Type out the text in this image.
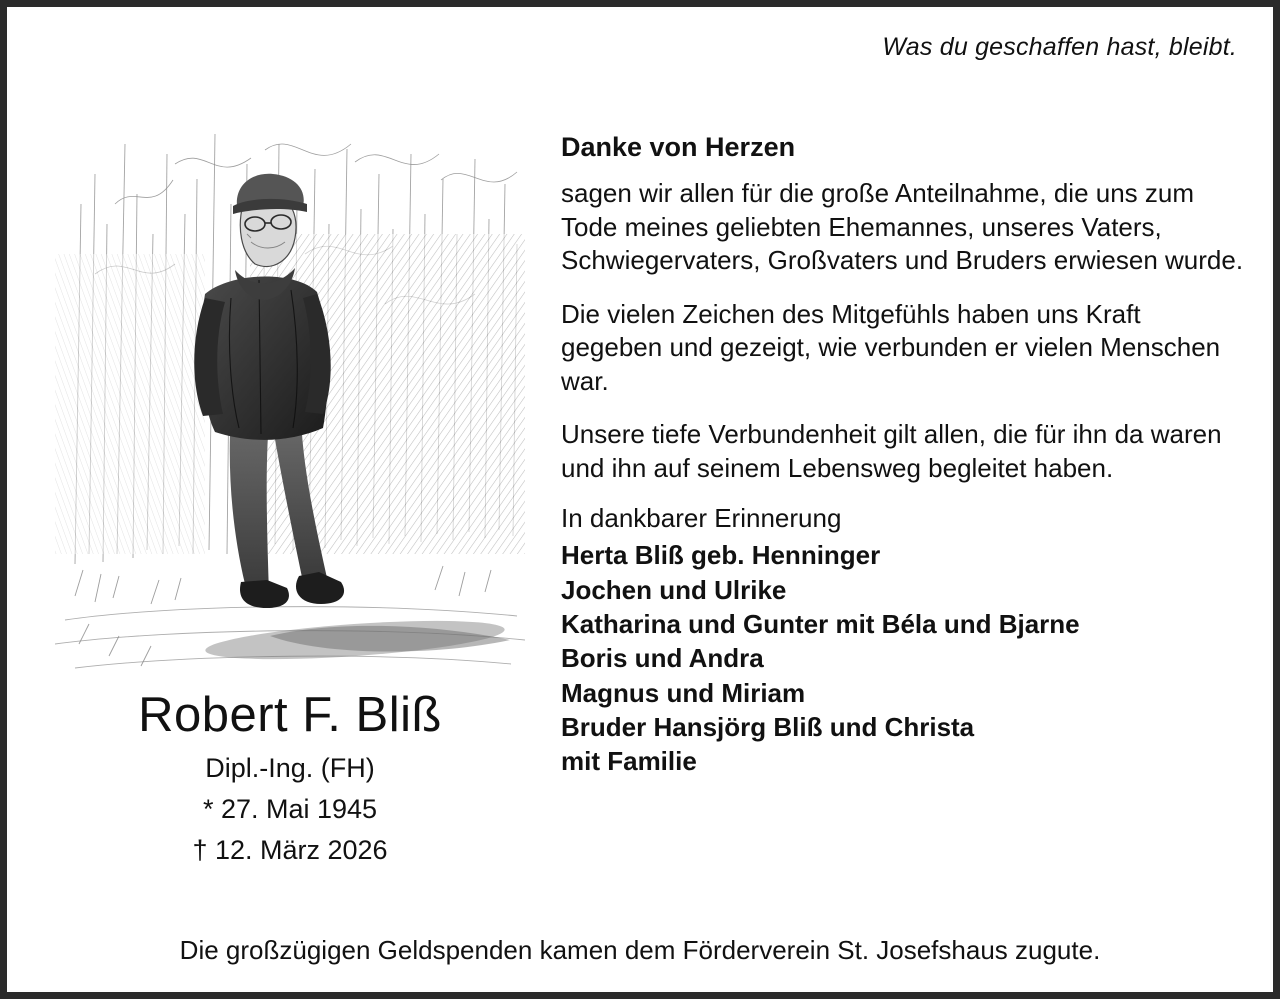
Was du geschaffen hast, bleibt.
Robert F. Bliß
Dipl.-Ing. (FH)
* 27. Mai 1945
† 12. März 2026
Danke von Herzen

sagen wir allen für die große Anteilnahme, die uns zum Tode meines geliebten Ehemannes, unseres Vaters, Schwiegervaters, Großvaters und Bruders erwiesen wurde.

Die vielen Zeichen des Mitgefühls haben uns Kraft gegeben und gezeigt, wie verbunden er vielen Menschen war.

Unsere tiefe Verbundenheit gilt allen, die für ihn da waren und ihn auf seinem Lebensweg begleitet haben.

In dankbarer Erinnerung
Herta Bliß geb. Henninger
Jochen und Ulrike
Katharina und Gunter mit Béla und Bjarne
Boris und Andra
Magnus und Miriam
Bruder Hansjörg Bliß und Christa
mit Familie
Die großzügigen Geldspenden kamen dem Förderverein St. Josefshaus zugute.
